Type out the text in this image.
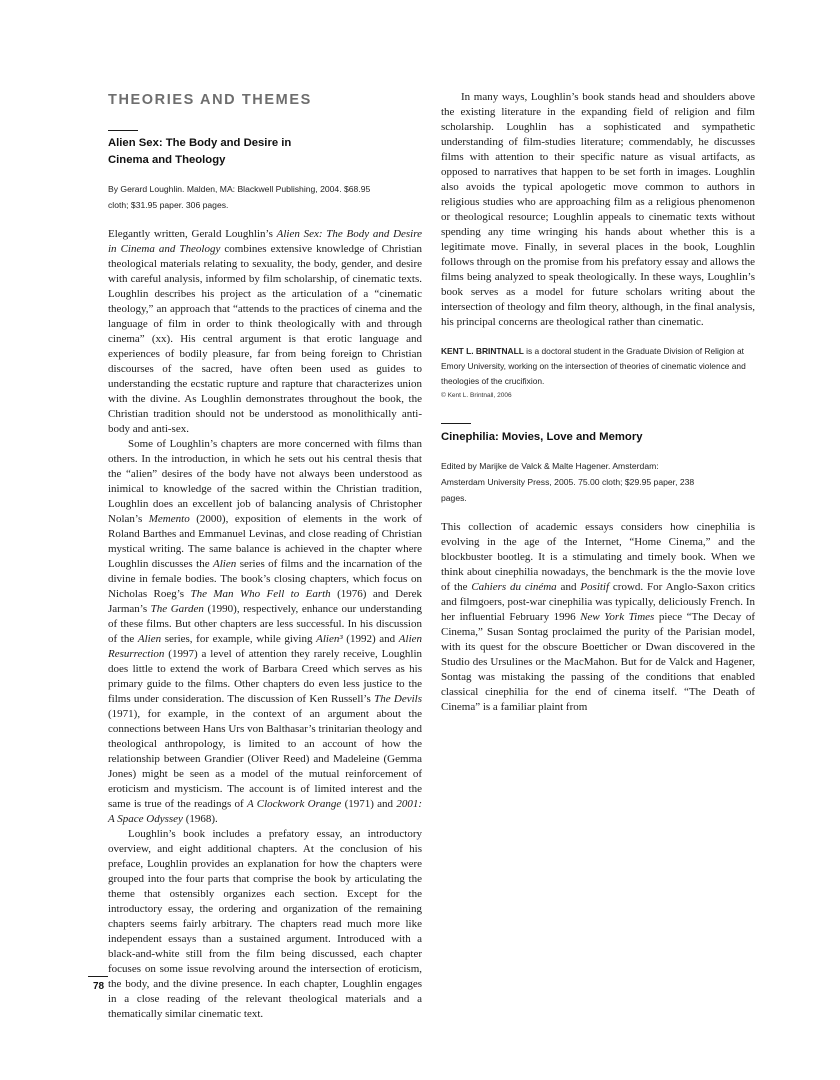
THEORIES AND THEMES

Alien Sex: The Body and Desire in

Cinema and Theology

By Gerard Loughlin. Malden, MA: Blackwell Publishing, 2004. $68.95

cloth; $31.95 paper. 306 pages.

Elegantly written, Gerald Loughlin’s Alien Sex: The Body and Desire in Cinema and Theology combines extensive knowledge of Christian theological materials relating to sexuality, the body, gender, and desire with careful analysis, informed by film scholarship, of cinematic texts. Loughlin describes his project as the articulation of a “cinematic theology,” an approach that “attends to the practices of cinema and the language of film in order to think theologically with and through cinema” (xx). His central argument is that erotic language and experiences of bodily pleasure, far from being foreign to Christian discourses of the sacred, have often been used as guides to understanding the ecstatic rupture and rapture that characterizes union with the divine. As Loughlin demonstrates throughout the book, the Christian tradition should not be understood as monolithically anti-body and anti-sex.

Some of Loughlin’s chapters are more concerned with films than others. In the introduction, in which he sets out his central thesis that the “alien” desires of the body have not always been understood as inimical to knowledge of the sacred within the Christian tradition, Loughlin does an excellent job of balancing analysis of Christopher Nolan’s Memento (2000), exposition of elements in the work of Roland Barthes and Emmanuel Levinas, and close reading of Christian mystical writing. The same balance is achieved in the chapter where Loughlin discusses the Alien series of films and the incarnation of the divine in female bodies. The book’s closing chapters, which focus on Nicholas Roeg’s The Man Who Fell to Earth (1976) and Derek Jarman’s The Garden (1990), respectively, enhance our understanding of these films. But other chapters are less successful. In his discussion of the Alien series, for example, while giving Alien³ (1992) and Alien Resurrection (1997) a level of attention they rarely receive, Loughlin does little to extend the work of Barbara Creed which serves as his primary guide to the films. Other chapters do even less justice to the films under consideration. The discussion of Ken Russell’s The Devils (1971), for example, in the context of an argument about the connections between Hans Urs von Balthasar’s trinitarian theology and theological anthropology, is limited to an account of how the relationship between Grandier (Oliver Reed) and Madeleine (Gemma Jones) might be seen as a model of the mutual reinforcement of eroticism and mysticism. The account is of limited interest and the same is true of the readings of A Clockwork Orange (1971) and 2001: A Space Odyssey (1968).

Loughlin’s book includes a prefatory essay, an introductory overview, and eight additional chapters. At the conclusion of his preface, Loughlin provides an explanation for how the chapters were grouped into the four parts that comprise the book by articulating the theme that ostensibly organizes each section. Except for the introductory essay, the ordering and organization of the remaining chapters seems fairly arbitrary. The chapters read much more like independent essays than a sustained argument. Introduced with a black-and-white still from the film being discussed, each chapter focuses on some issue revolving around the intersection of eroticism, the body, and the divine presence. In each chapter, Loughlin engages in a close reading of the relevant theological materials and a thematically similar cinematic text.

In many ways, Loughlin’s book stands head and shoulders above the existing literature in the expanding field of religion and film scholarship. Loughlin has a sophisticated and sympathetic understanding of film-studies literature; commendably, he discusses films with attention to their specific nature as visual artifacts, as opposed to narratives that happen to be set forth in images. Loughlin also avoids the typical apologetic move common to authors in religious studies who are approaching film as a religious phenomenon or theological resource; Loughlin appeals to cinematic texts without spending any time wringing his hands about whether this is a legitimate move. Finally, in several places in the book, Loughlin follows through on the promise from his prefatory essay and allows the films being analyzed to speak theologically. In these ways, Loughlin’s book serves as a model for future scholars writing about the intersection of theology and film theory, although, in the final analysis, his principal concerns are theological rather than cinematic.

KENT L. BRINTNALL is a doctoral student in the Graduate Division of Religion at Emory University, working on the intersection of theories of cinematic violence and theologies of the crucifixion.

© Kent L. Brintnall, 2006

Cinephilia: Movies, Love and Memory

Edited by Marijke de Valck & Malte Hagener. Amsterdam:

Amsterdam University Press, 2005. 75.00 cloth; $29.95 paper, 238

pages.

This collection of academic essays considers how cinephilia is evolving in the age of the Internet, “Home Cinema,” and the blockbuster bootleg. It is a stimulating and timely book. When we think about cinephilia nowadays, the benchmark is the the movie love of the Cahiers du cinéma and Positif crowd. For Anglo-Saxon critics and filmgoers, post-war cinephilia was typically, deliciously French. In her influential February 1996 New York Times piece “The Decay of Cinema,” Susan Sontag proclaimed the purity of the Parisian model, with its quest for the obscure Boetticher or Dwan discovered in the Studio des Ursulines or the MacMahon. But for de Valck and Hagener, Sontag was mistaking the passing of the conditions that enabled classical cinephilia for the end of cinema itself. “The Death of Cinema” is a familiar plaint from

78
